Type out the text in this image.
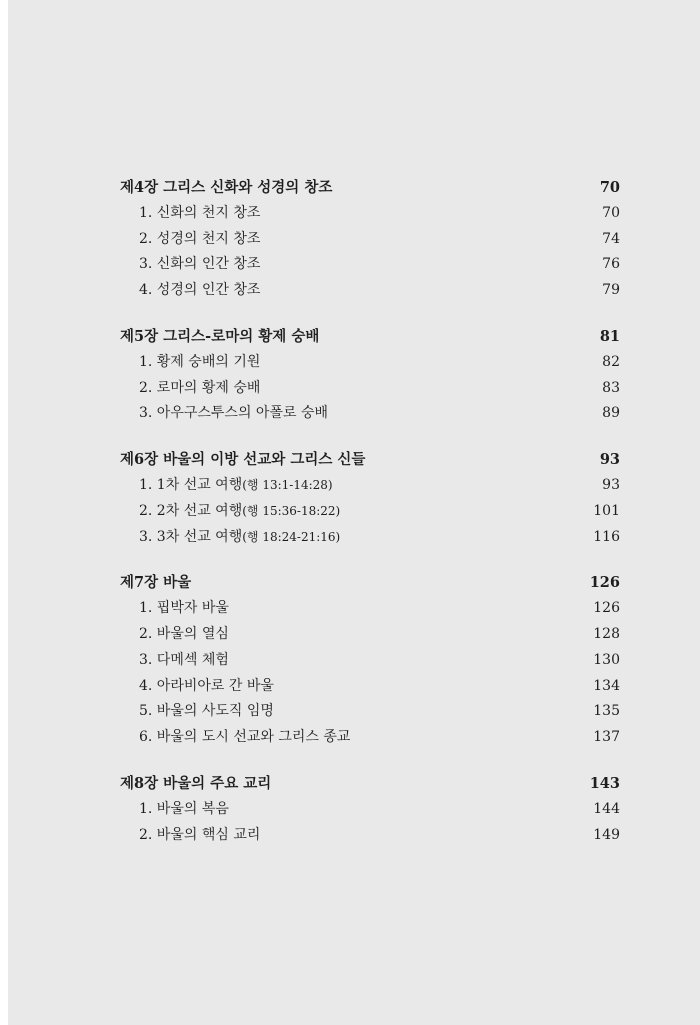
제4장 그리스 신화와 성경의 창조	70
1. 신화의 천지 창조	70
2. 성경의 천지 창조	74
3. 신화의 인간 창조	76
4. 성경의 인간 창조	79
제5장 그리스-로마의 황제 숭배	81
1. 황제 숭배의 기원	82
2. 로마의 황제 숭배	83
3. 아우구스투스의 아폴로 숭배	89
제6장 바울의 이방 선교와 그리스 신들	93
1. 1차 선교 여행(행 13:1-14:28)	93
2. 2차 선교 여행(행 15:36-18:22)	101
3. 3차 선교 여행(행 18:24-21:16)	116
제7장 바울	126
1. 핍박자 바울	126
2. 바울의 열심	128
3. 다메섹 체험	130
4. 아라비아로 간 바울	134
5. 바울의 사도직 임명	135
6. 바울의 도시 선교와 그리스 종교	137
제8장 바울의 주요 교리	143
1. 바울의 복음	144
2. 바울의 핵심 교리	149
